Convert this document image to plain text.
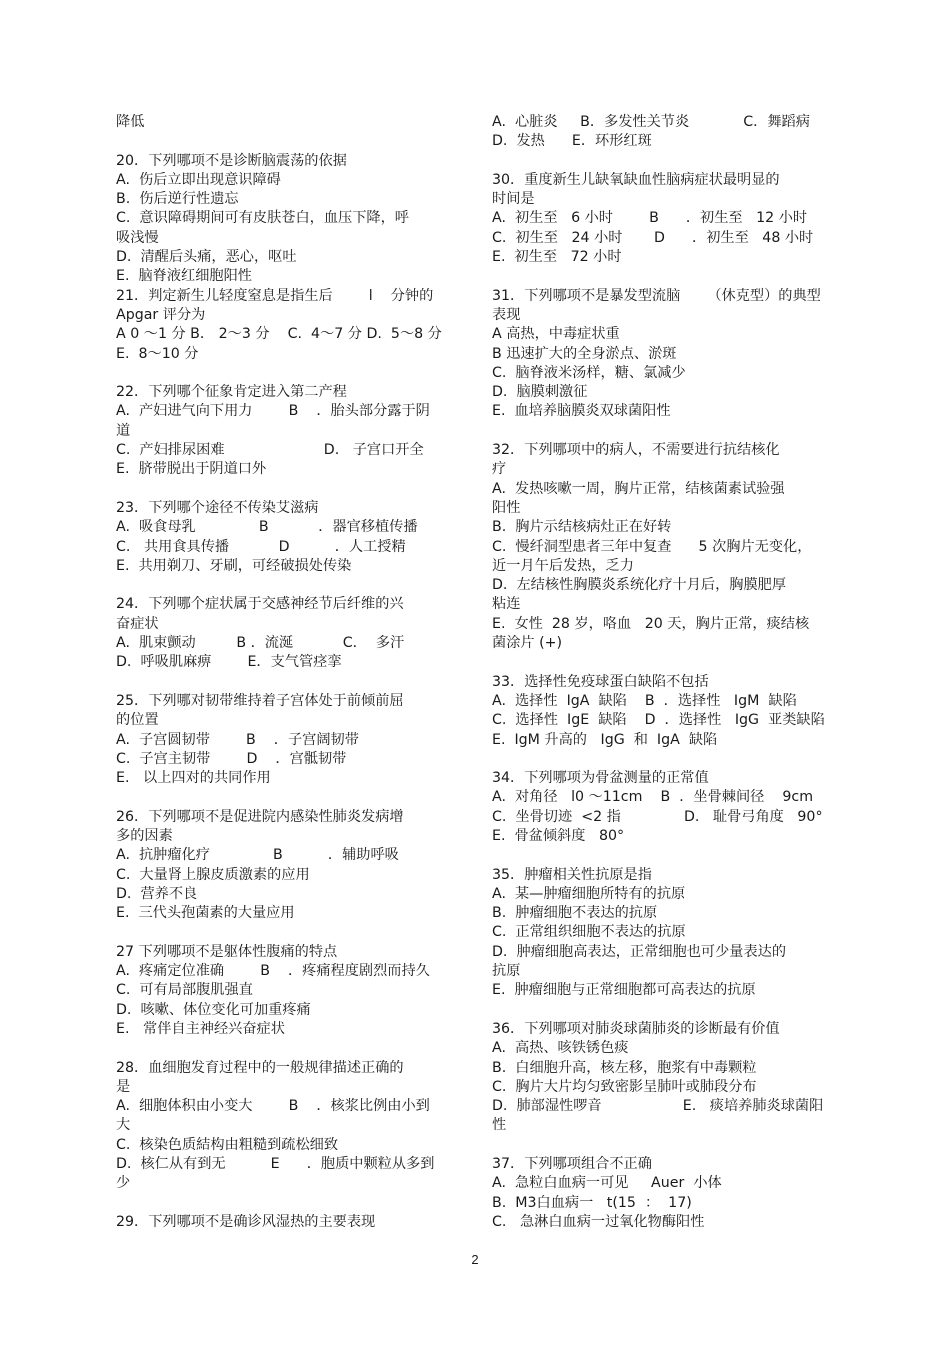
降低
20．下列哪项不是诊断脑震荡的依据
A.  伤后立即出现意识障碍
B.  伤后逆行性遗忘
C.  意识障碍期间可有皮肤苍白，血压下降，呼
吸浅慢
D.  清醒后头痛，恶心，呕吐
E.  脑脊液红细胞阳性
21．判定新生儿轻度窒息是指生后        l    分钟的
Apgar 评分为
A 0 ～1 分 B． 2～3 分    C.  4～7 分 D.  5～8 分
E.  8～10 分
22．下列哪个征象肯定进入第二产程
A.  产妇进气向下用力        B    ．胎头部分露于阴
道
C.  产妇排尿困难                      D.   子宫口开全
E.  脐带脱出于阴道口外
23．下列哪个途径不传染艾滋病
A.  吸食母乳              B           ．器官移植传播
C.   共用食具传播           D          ．人工授精
E.  共用剃刀、牙刷，可经破损处传染
24．下列哪个症状属于交感神经节后纤维的兴
奋症状
A.  肌束颤动         B ．流涎           C．  多汗
D.  呼吸肌麻痹        E．支气管痉挛
25．下列哪对韧带维持着子宫体处于前倾前屈
的位置
A.  子宫圆韧带        B    ．子宫阔韧带
C.  子宫主韧带        D    ．宫骶韧带
E.   以上四对的共同作用
26．下列哪项不是促进院内感染性肺炎发病增
多的因素
A.  抗肿瘤化疗              B          ．辅助呼吸
C.  大量肾上腺皮质激素的应用
D.  营养不良
E.  三代头孢菌素的大量应用
27 下列哪项不是躯体性腹痛的特点
A.  疼痛定位准确        B    ．疼痛程度剧烈而持久
C.  可有局部腹肌强直
D.  咳嗽、体位变化可加重疼痛
E.   常伴自主神经兴奋症状
28．血细胞发育过程中的一般规律描述正确的
是
A.  细胞体积由小变大        B    ．核浆比例由小到
大
C.  核染色质結构由粗糙到疏松细致
D.  核仁从有到无          E      ．胞质中颗粒从多到
少
29．下列哪项不是确诊风湿热的主要表现
A.  心脏炎     B．多发性关节炎            C．舞蹈病
D.  发热      E．环形红斑
30．重度新生儿缺氧缺血性脑病症状最明显的
时间是
A.  初生至   6 小时        B      ．初生至   12 小时
C.  初生至   24 小时       D      ．初生至   48 小时
E.  初生至   72 小时
31．下列哪项不是暴发型流脑      （休克型）的典型
表现
A 高热，中毒症状重
B 迅速扩大的全身淤点、淤斑
C.  脑脊液米汤样，糖、氯减少
D.  脑膜刺激征
E.  血培养脑膜炎双球菌阳性
32．下列哪项中的病人，不需要进行抗结核化
疗
A.  发热咳嗽一周，胸片正常，结核菌素试验强
阳性
B.  胸片示结核病灶正在好转
C.  慢纤洞型患者三年中复查      5 次胸片无变化，
近一月午后发热，乏力
D.  左结核性胸膜炎系统化疗十月后，胸膜肥厚
粘连
E.  女性  28 岁，咯血   20 天，胸片正常，痰结核
菌涂片 (+)
33．选择性免疫球蛋白缺陷不包括
A.  选择性  IgA  缺陷    B  ．选择性   IgM  缺陷
C.  选择性  IgE  缺陷    D  ．选择性   IgG  亚类缺陷
E.  IgM 升高的   IgG  和  IgA  缺陷
34．下列哪项为骨盆测量的正常值
A.  对角径   l0 ～11cm    B  ．坐骨棘间径    9cm
C.  坐骨切迹  <2 指              D.   耻骨弓角度   90°
E.  骨盆倾斜度   80°
35．肿瘤相关性抗原是指
A.  某—肿瘤细胞所特有的抗原
B.  肿瘤细胞不表达的抗原
C.  正常组织细胞不表达的抗原
D.  肿瘤细胞高表达，正常细胞也可少量表达的
抗原
E.  肿瘤细胞与正常细胞都可高表达的抗原
36．下列哪项对肺炎球菌肺炎的诊断最有价值
A.  高热、咳铁锈色痰
B.  白细胞升高，核左移，胞浆有中毒颗粒
C.  胸片大片均匀致密影呈肺叶或肺段分布
D.  肺部湿性啰音                  E.   痰培养肺炎球菌阳
性
37．下列哪项组合不正确
A.  急粒白血病一可见     Auer  小体
B.  M3白血病一   t(15  ：  17)
C.   急淋白血病一过氧化物酶阳性
2
